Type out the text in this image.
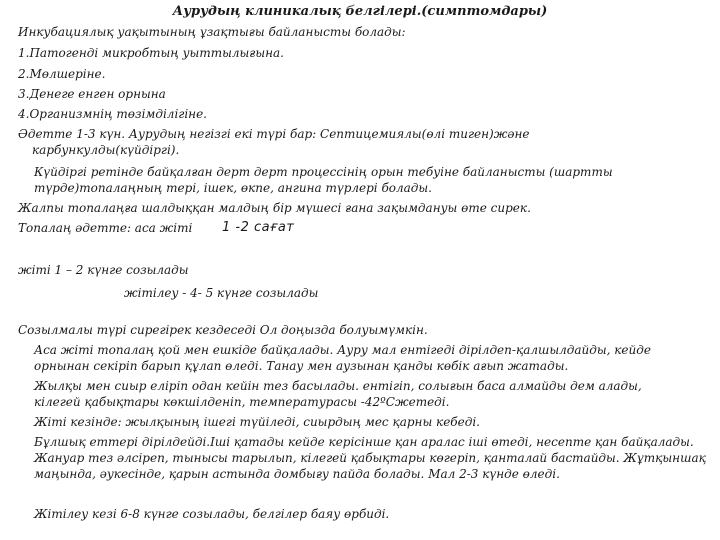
Аурудың клиникалық белгілері.(симптомдары)

Инкубациялық уақытының ұзақтығы байланысты болады:

1.Патогенді микробтың уыттылығына.

2.Мөлшеріне.

3.Денеге енген орнына

4.Организмнің төзімділігіне.

Әдетте 1-3 күн. Аурудың негізгі екі түрі бар: Септицемиялы(өлі тиген)және карбункулды(күйдіргі).

Күйдіргі ретінде байқалған дерт дерт процессінің орын тебуіне байланысты (шартты түрде)топалаңның тері, ішек, өкпе, ангина түрлері болады.

Жалпы топалаңға шалдыққан малдың бір мүшесі ғана зақымдануы өте сирек.

Топалаң әдетте: аса жіті 1 -2 сағат

жіті 1 – 2 күнге созылады

жітілеу - 4- 5 күнге созылады

Созылмалы түрі сирегірек кездеседі Ол доңызда болуымүмкін.

Аса жіті топалаң қой мен ешкіде байқалады. Ауру мал ентігеді дірілдеп-қалшылдайды, кейде орнынан секіріп барып құлап өледі. Танау мен аузынан қанды көбік ағып жатады.

Жылқы мен сиыр еліріп одан кейін тез басылады. ентігіп, солығын баса алмайды дем алады, кілегей қабықтары көкшілденіп, температурасы -42ºСжетеді.

Жіті кезінде: жылқының ішегі түйіледі, сиырдың мес қарны кебеді.

Бұлшық еттері дірілдейді.Іші қатады кейде керісінше қан аралас іші өтеді, несепте қан байқалады. Жануар тез әлсіреп, тынысы тарылып, кілегей қабықтары көгеріп, қанталай бастайды. Жұтқыншақ маңында, әукесінде, қарын астында домбығу пайда болады. Мал 2-3 күнде өледі.

Жітілеу кезі 6-8 күнге созылады, белгілер баяу өрбиді.
